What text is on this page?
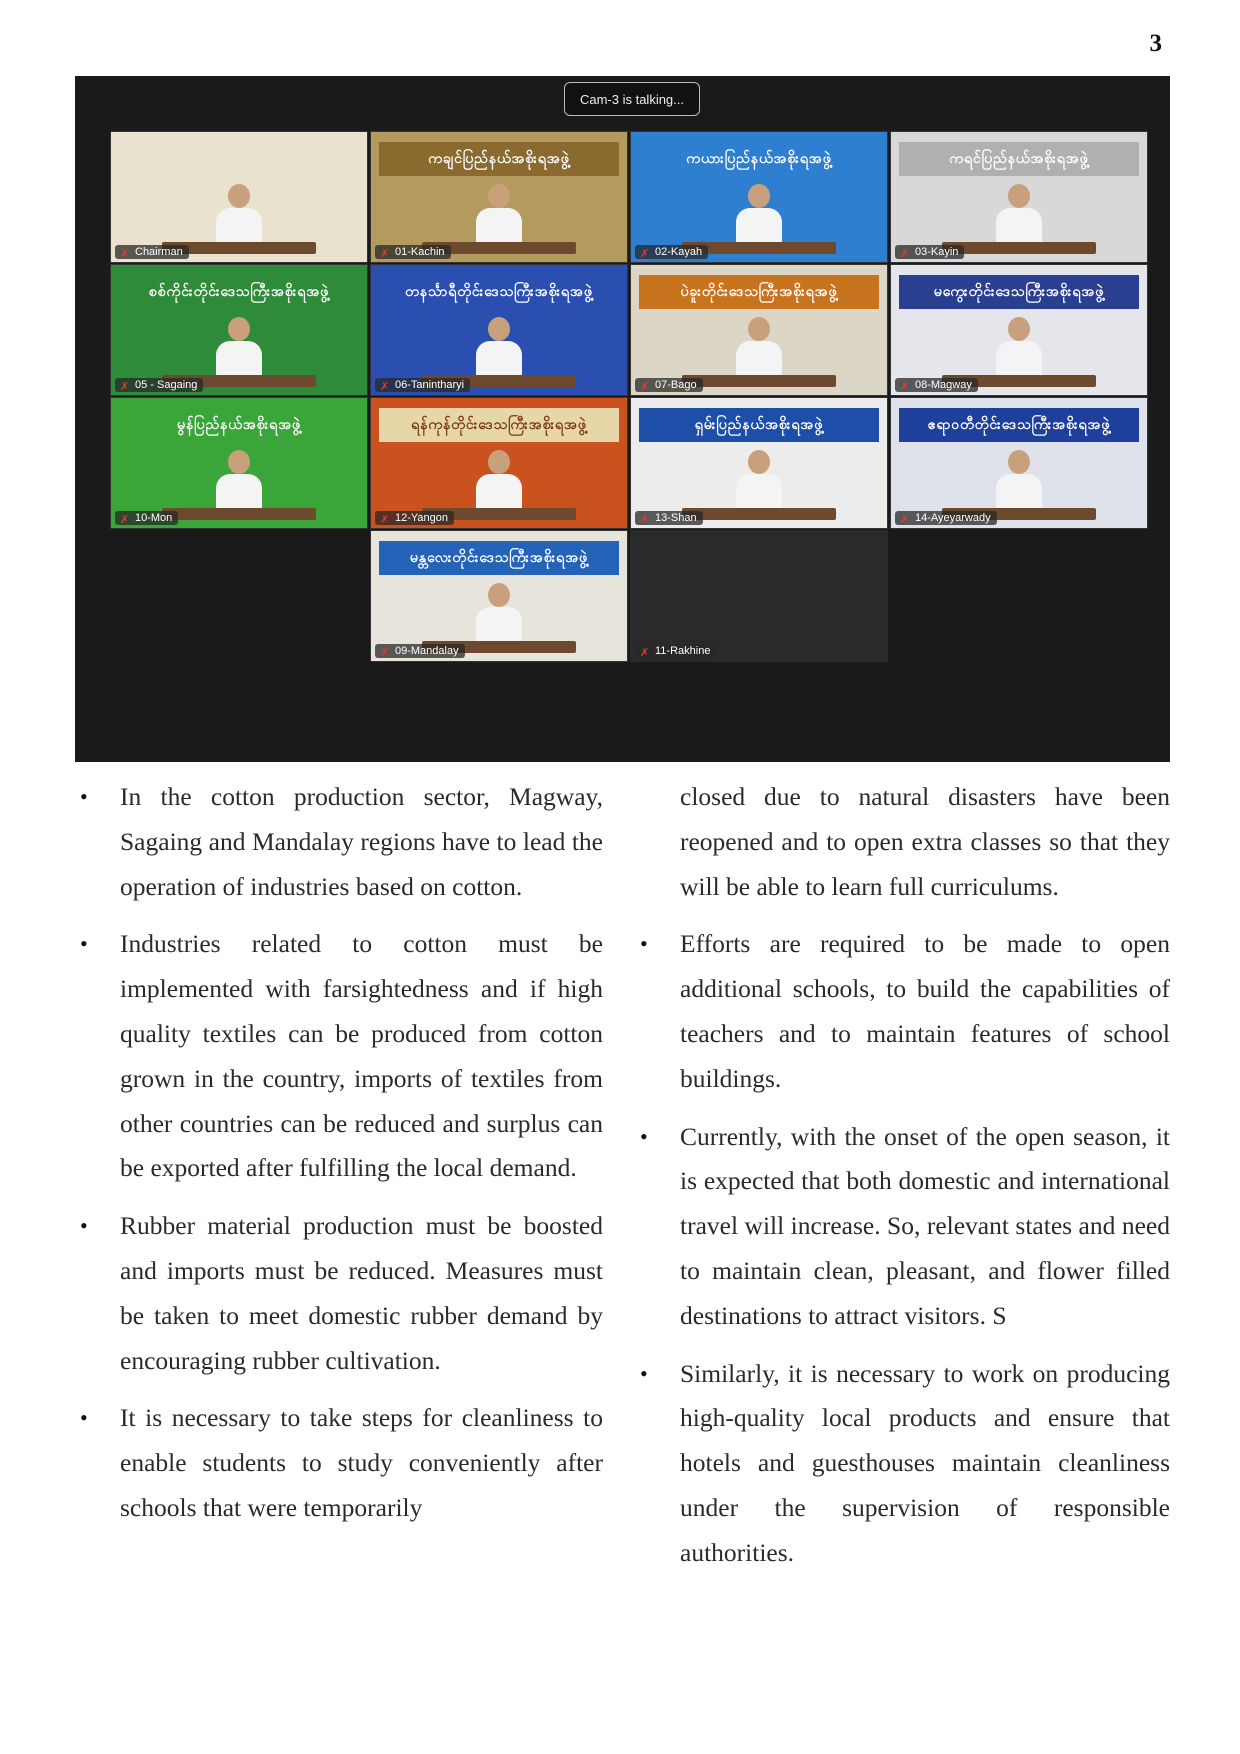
3
Cam-3 is talking...
✗ Chairman
ကချင်ပြည်နယ်အစိုးရအဖွဲ့
✗ 01-Kachin
ကယားပြည်နယ်အစိုးရအဖွဲ့
✗ 02-Kayah
ကရင်ပြည်နယ်အစိုးရအဖွဲ့
✗ 03-Kayin
စစ်ကိုင်းတိုင်းဒေသကြီးအစိုးရအဖွဲ့
✗ 05 - Sagaing
တနင်္သာရီတိုင်းဒေသကြီးအစိုးရအဖွဲ့
✗ 06-Tanintharyi
ပဲခူးတိုင်းဒေသကြီးအစိုးရအဖွဲ့
✗ 07-Bago
မကွေးတိုင်းဒေသကြီးအစိုးရအဖွဲ့
✗ 08-Magway
မွန်ပြည်နယ်အစိုးရအဖွဲ့
✗ 10-Mon
ရန်ကုန်တိုင်းဒေသကြီးအစိုးရအဖွဲ့
✗ 12-Yangon
ရှမ်းပြည်နယ်အစိုးရအဖွဲ့
✗ 13-Shan
ဧရာဝတီတိုင်းဒေသကြီးအစိုးရအဖွဲ့
✗ 14-Ayeyarwady
မန္တလေးတိုင်းဒေသကြီးအစိုးရအဖွဲ့
✗ 09-Mandalay	✗ 11-Rakhine
• In the cotton production sector, Magway, Sagaing and Mandalay regions have to lead the operation of industries based on cotton.
• Industries related to cotton must be implemented with farsightedness and if high quality textiles can be produced from cotton grown in the country, imports of textiles from other countries can be reduced and surplus can be exported after fulfilling the local demand.
• Rubber material production must be boosted and imports must be reduced. Measures must be taken to meet domestic rubber demand by encouraging rubber cultivation.
• It is necessary to take steps for cleanliness to enable students to study conveniently after schools that were temporarily
closed due to natural disasters have been reopened and to open extra classes so that they will be able to learn full curriculums.
• Efforts are required to be made to open additional schools, to build the capabilities of teachers and to maintain features of school buildings.
• Currently, with the onset of the open season, it is expected that both domestic and international travel will increase. So, relevant states and need to maintain clean, pleasant, and flower filled destinations to attract visitors. S
• Similarly, it is necessary to work on producing high-quality local products and ensure that hotels and guesthouses maintain cleanliness under the supervision of responsible authorities.
